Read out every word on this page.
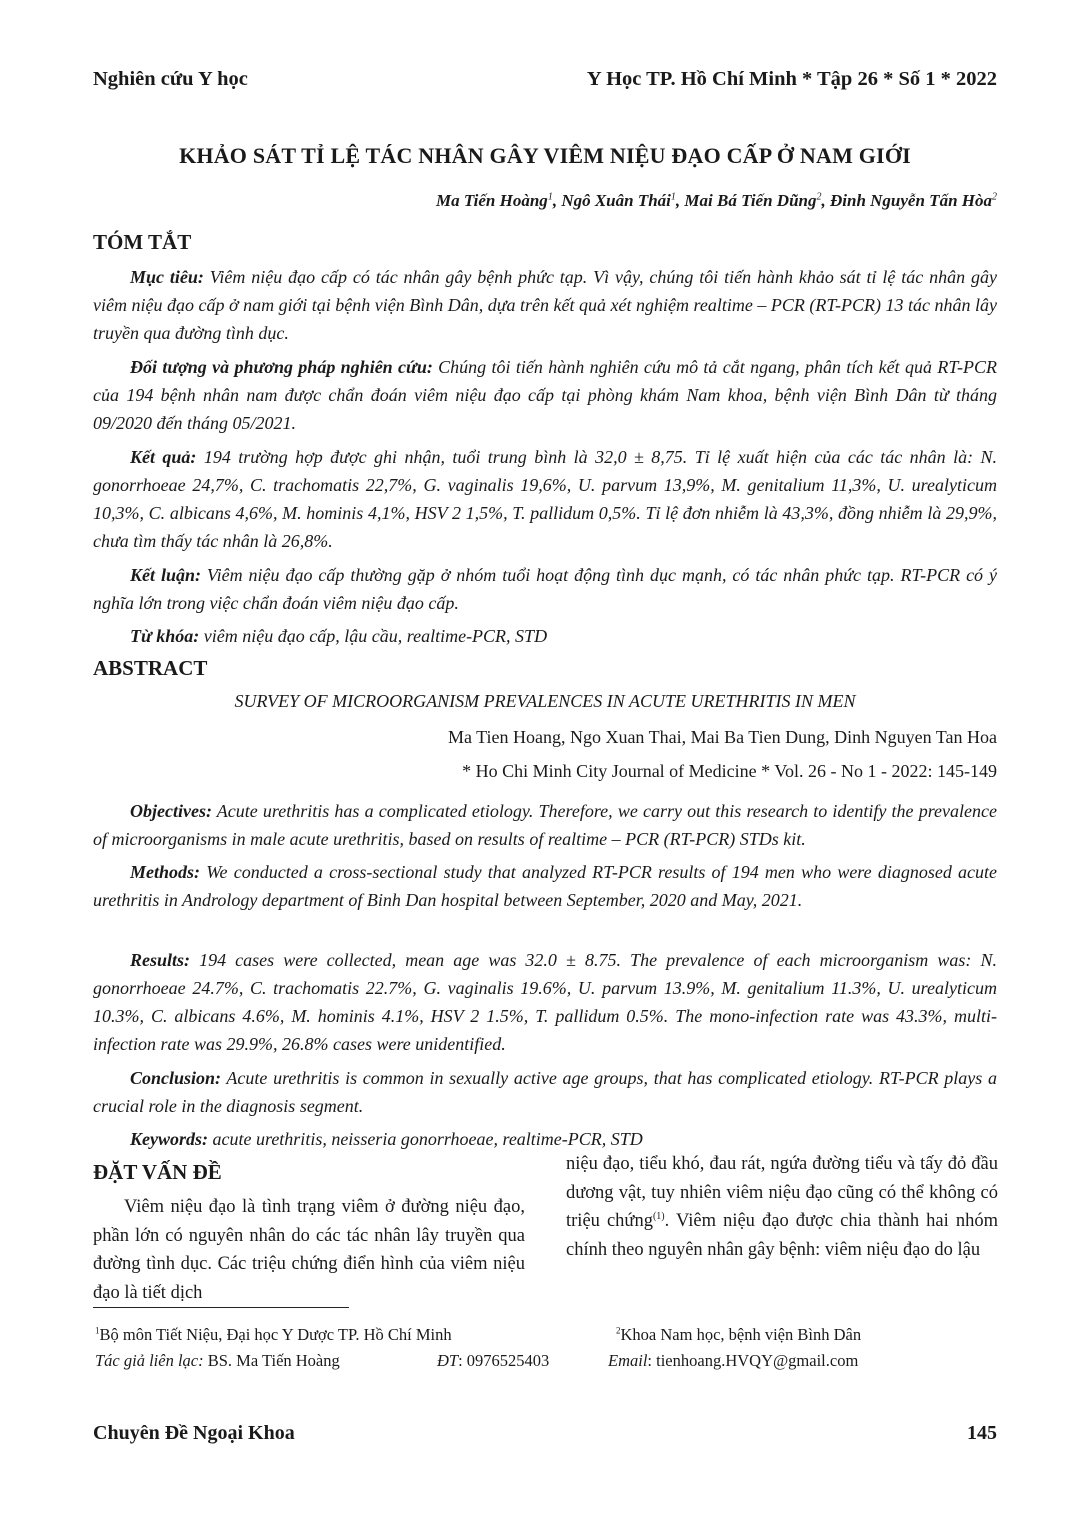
Nghiên cứu Y học	Y Học TP. Hồ Chí Minh * Tập 26 * Số 1 * 2022
KHẢO SÁT TỈ LỆ TÁC NHÂN GÂY VIÊM NIỆU ĐẠO CẤP Ở NAM GIỚI
Ma Tiến Hoàng$^1$, Ngô Xuân Thái$^1$, Mai Bá Tiến Dũng$^2$, Đinh Nguyễn Tấn Hòa$^2$
TÓM TẮT
Mục tiêu: Viêm niệu đạo cấp có tác nhân gây bệnh phức tạp. Vì vậy, chúng tôi tiến hành khảo sát tỉ lệ tác nhân gây viêm niệu đạo cấp ở nam giới tại bệnh viện Bình Dân, dựa trên kết quả xét nghiệm realtime – PCR (RT-PCR) 13 tác nhân lây truyền qua đường tình dục.
Đối tượng và phương pháp nghiên cứu: Chúng tôi tiến hành nghiên cứu mô tả cắt ngang, phân tích kết quả RT-PCR của 194 bệnh nhân nam được chẩn đoán viêm niệu đạo cấp tại phòng khám Nam khoa, bệnh viện Bình Dân từ tháng 09/2020 đến tháng 05/2021.
Kết quả: 194 trường hợp được ghi nhận, tuổi trung bình là 32,0 ± 8,75. Tỉ lệ xuất hiện của các tác nhân là: N. gonorrhoeae 24,7%, C. trachomatis 22,7%, G. vaginalis 19,6%, U. parvum 13,9%, M. genitalium 11,3%, U. urealyticum 10,3%, C. albicans 4,6%, M. hominis 4,1%, HSV 2 1,5%, T. pallidum 0,5%. Tỉ lệ đơn nhiễm là 43,3%, đồng nhiễm là 29,9%, chưa tìm thấy tác nhân là 26,8%.
Kết luận: Viêm niệu đạo cấp thường gặp ở nhóm tuổi hoạt động tình dục mạnh, có tác nhân phức tạp. RT-PCR có ý nghĩa lớn trong việc chẩn đoán viêm niệu đạo cấp.
Từ khóa: viêm niệu đạo cấp, lậu cầu, realtime-PCR, STD
ABSTRACT
SURVEY OF MICROORGANISM PREVALENCES IN ACUTE URETHRITIS IN MEN
Ma Tien Hoang, Ngo Xuan Thai, Mai Ba Tien Dung, Dinh Nguyen Tan Hoa
* Ho Chi Minh City Journal of Medicine * Vol. 26 - No 1 - 2022: 145-149
Objectives: Acute urethritis has a complicated etiology. Therefore, we carry out this research to identify the prevalence of microorganisms in male acute urethritis, based on results of realtime – PCR (RT-PCR) STDs kit.
Methods: We conducted a cross-sectional study that analyzed RT-PCR results of 194 men who were diagnosed acute urethritis in Andrology department of Binh Dan hospital between September, 2020 and May, 2021.
Results: 194 cases were collected, mean age was 32.0 ± 8.75. The prevalence of each microorganism was: N. gonorrhoeae 24.7%, C. trachomatis 22.7%, G. vaginalis 19.6%, U. parvum 13.9%, M. genitalium 11.3%, U. urealyticum 10.3%, C. albicans 4.6%, M. hominis 4.1%, HSV 2 1.5%, T. pallidum 0.5%. The mono-infection rate was 43.3%, multi-infection rate was 29.9%, 26.8% cases were unidentified.
Conclusion: Acute urethritis is common in sexually active age groups, that has complicated etiology. RT-PCR plays a crucial role in the diagnosis segment.
Keywords: acute urethritis, neisseria gonorrhoeae, realtime-PCR, STD
ĐẶT VẤN ĐỀ
Viêm niệu đạo là tình trạng viêm ở đường niệu đạo, phần lớn có nguyên nhân do các tác nhân lây truyền qua đường tình dục. Các triệu chứng điển hình của viêm niệu đạo là tiết dịch
niệu đạo, tiểu khó, đau rát, ngứa đường tiểu và tấy đỏ đầu dương vật, tuy nhiên viêm niệu đạo cũng có thể không có triệu chứng$^{(1)}$. Viêm niệu đạo được chia thành hai nhóm chính theo nguyên nhân gây bệnh: viêm niệu đạo do lậu
$^1$Bộ môn Tiết Niệu, Đại học Y Dược TP. Hồ Chí Minh	$^2$Khoa Nam học, bệnh viện Bình Dân
Tác giả liên lạc: BS. Ma Tiến Hoàng	ĐT: 0976525403	Email: tienhoang.HVQY@gmail.com
Chuyên Đề Ngoại Khoa	145
